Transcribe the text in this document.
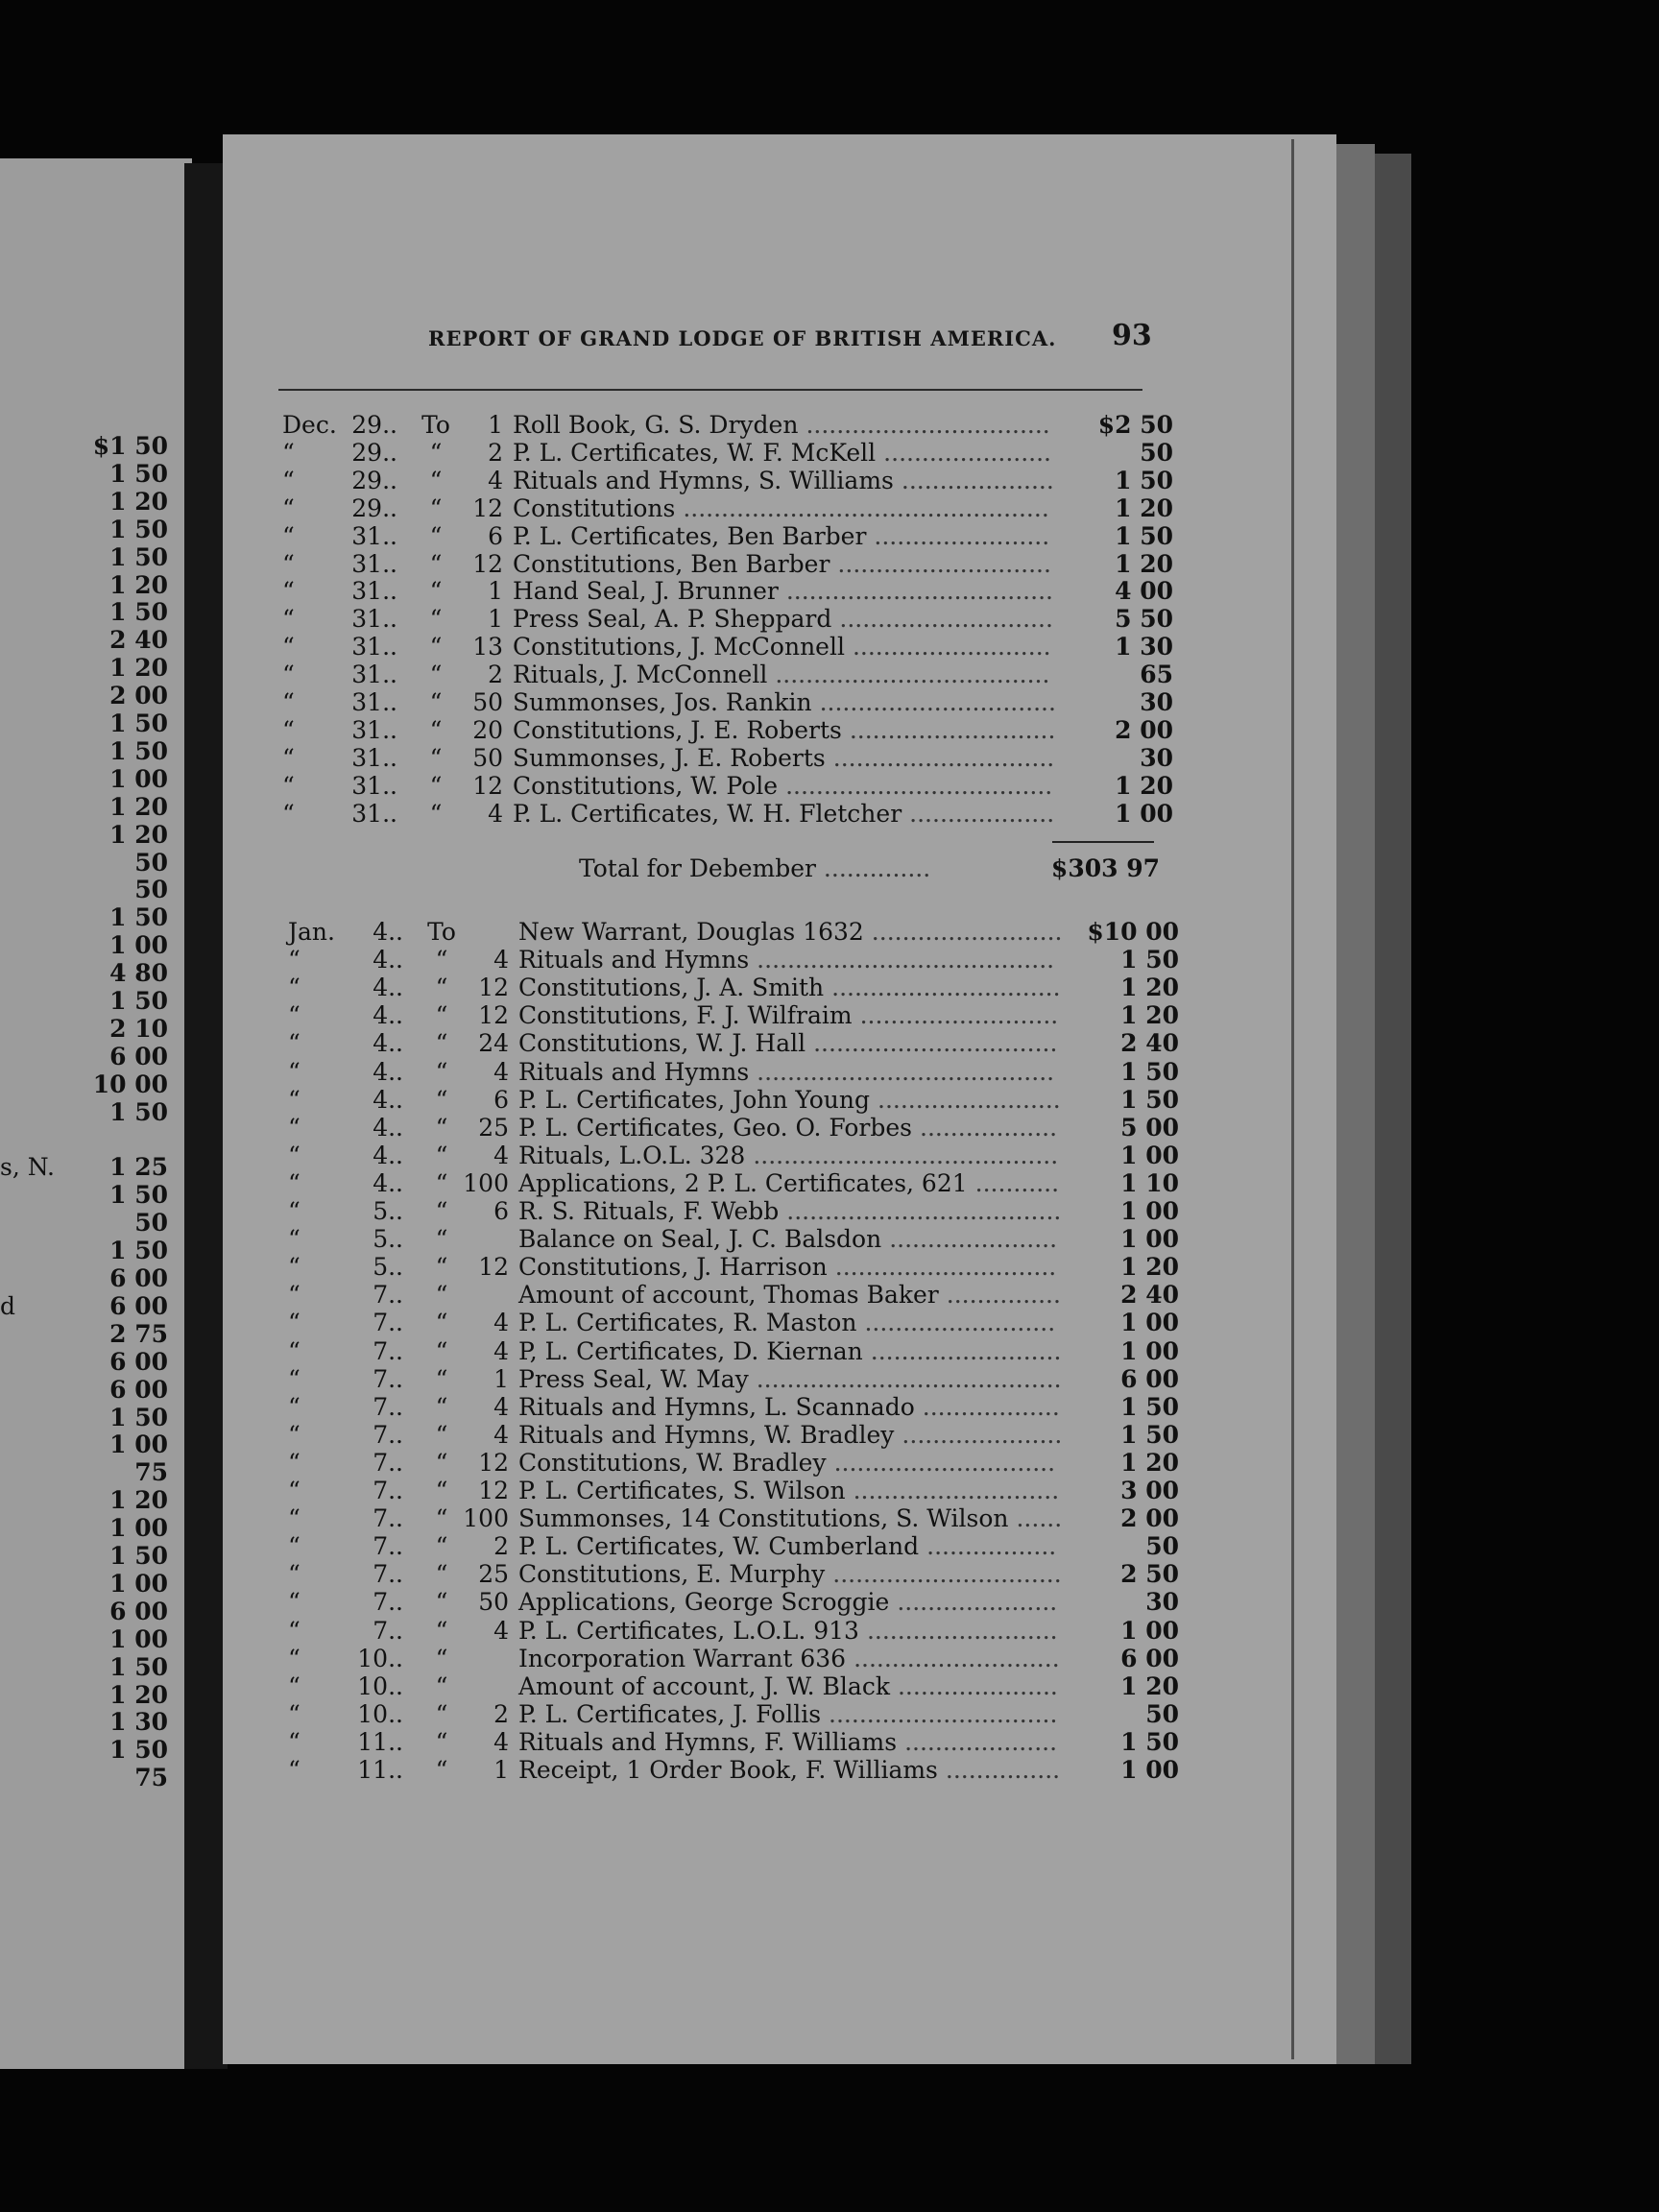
REPORT OF GRAND LODGE OF BRITISH AMERICA. 93
$1 50
1 50
1 20
1 50
1 50
1 20
1 50
2 40
1 20
2 00
1 50
1 50
1 00
1 20
1 20
50
50
1 50
1 00
4 80
1 50
2 10
6 00
10 00
1 50
1 25
1 50
50
1 50
6 00
6 00
2 75
6 00
6 00
1 50
1 00
75
1 20
1 00
1 50
1 00
6 00
1 00
1 50
1 20
1 30
1 50
75
s, N.
d
Dec. 29.. To	1 Roll Book, G. S. Dryden	$2 50
................................
“	29..	“	2 P. L. Certificates, W. F. McKell	50
......................
“	29..	“	4 Rituals and Hymns, S. Williams	1 50
....................
“	29..	“	12 Constitutions	1 20
................................................
“	31..	“	6 P. L. Certificates, Ben Barber	1 50
.......................
“	31..	“	12 Constitutions, Ben Barber	1 20
............................
“	31..	“	1 Hand Seal, J. Brunner	4 00
...................................
“	31..	“	1 Press Seal, A. P. Sheppard	5 50
............................
“	31..	“	13 Constitutions, J. McConnell	1 30
..........................
“	31..	“	2 Rituals, J. McConnell	65
....................................
“	31..	“	50 Summonses, Jos. Rankin	30
...............................
“	31..	“	20 Constitutions, J. E. Roberts	2 00
...........................
“	31..	“	50 Summonses, J. E. Roberts	30
.............................
“	31..	“	12 Constitutions, W. Pole	1 20
...................................
“	31..	“	4 P. L. Certificates, W. H. Fletcher	1 00
...................
Total for Debember ..............	$303 97
Jan.	4.. To	New Warrant, Douglas 1632	$10 00
.........................
“	4..	“	4 Rituals and Hymns	1 50
.......................................
“	4..	“	12 Constitutions, J. A. Smith	1 20
..............................
“	4..	“	12 Constitutions, F. J. Wilfraim	1 20
..........................
“	4..	“	24 Constitutions, W. J. Hall	2 40
................................
“	4..	“	4 Rituals and Hymns	1 50
.......................................
“	4..	“	6 P. L. Certificates, John Young	1 50
........................
“	4..	“	25 P. L. Certificates, Geo. O. Forbes	5 00
..................
“	4..	“	4 Rituals, L.O.L. 328	1 00
........................................
“	4..	“ 100 Applications, 2 P. L. Certificates, 621	1 10
...........
“	5..	“	6 R. S. Rituals, F. Webb	1 00
....................................
“	5..	“	Balance on Seal, J. C. Balsdon	1 00
......................
“	5..	“	12 Constitutions, J. Harrison	1 20
.............................
“	7..	“	Amount of account, Thomas Baker	2 40
...............
“	7..	“	4 P. L. Certificates, R. Maston	1 00
.........................
“	7..	“	4 P, L. Certificates, D. Kiernan	1 00
.........................
“	7..	“	1 Press Seal, W. May	6 00
........................................
“	7..	“	4 Rituals and Hymns, L. Scannado	1 50
..................
“	7..	“	4 Rituals and Hymns, W. Bradley	1 50
.....................
“	7..	“	12 Constitutions, W. Bradley	1 20
.............................
“	7..	“	12 P. L. Certificates, S. Wilson	3 00
...........................
“	7..	“ 100 Summonses, 14 Constitutions, S. Wilson	2 00
......
“	7..	“	2 P. L. Certificates, W. Cumberland	50
.................
“	7..	“	25 Constitutions, E. Murphy	2 50
..............................
“	7..	“	50 Applications, George Scroggie	30
.....................
“	7..	“	4 P. L. Certificates, L.O.L. 913	1 00
.........................
“	10..	“	Incorporation Warrant 636	6 00
...........................
“	10..	“	Amount of account, J. W. Black	1 20
.....................
“	10..	“	2 P. L. Certificates, J. Follis	50
..............................
“	11..	“	4 Rituals and Hymns, F. Williams	1 50
....................
“	11..	“	1 Receipt, 1 Order Book, F. Williams	1 00
...............
